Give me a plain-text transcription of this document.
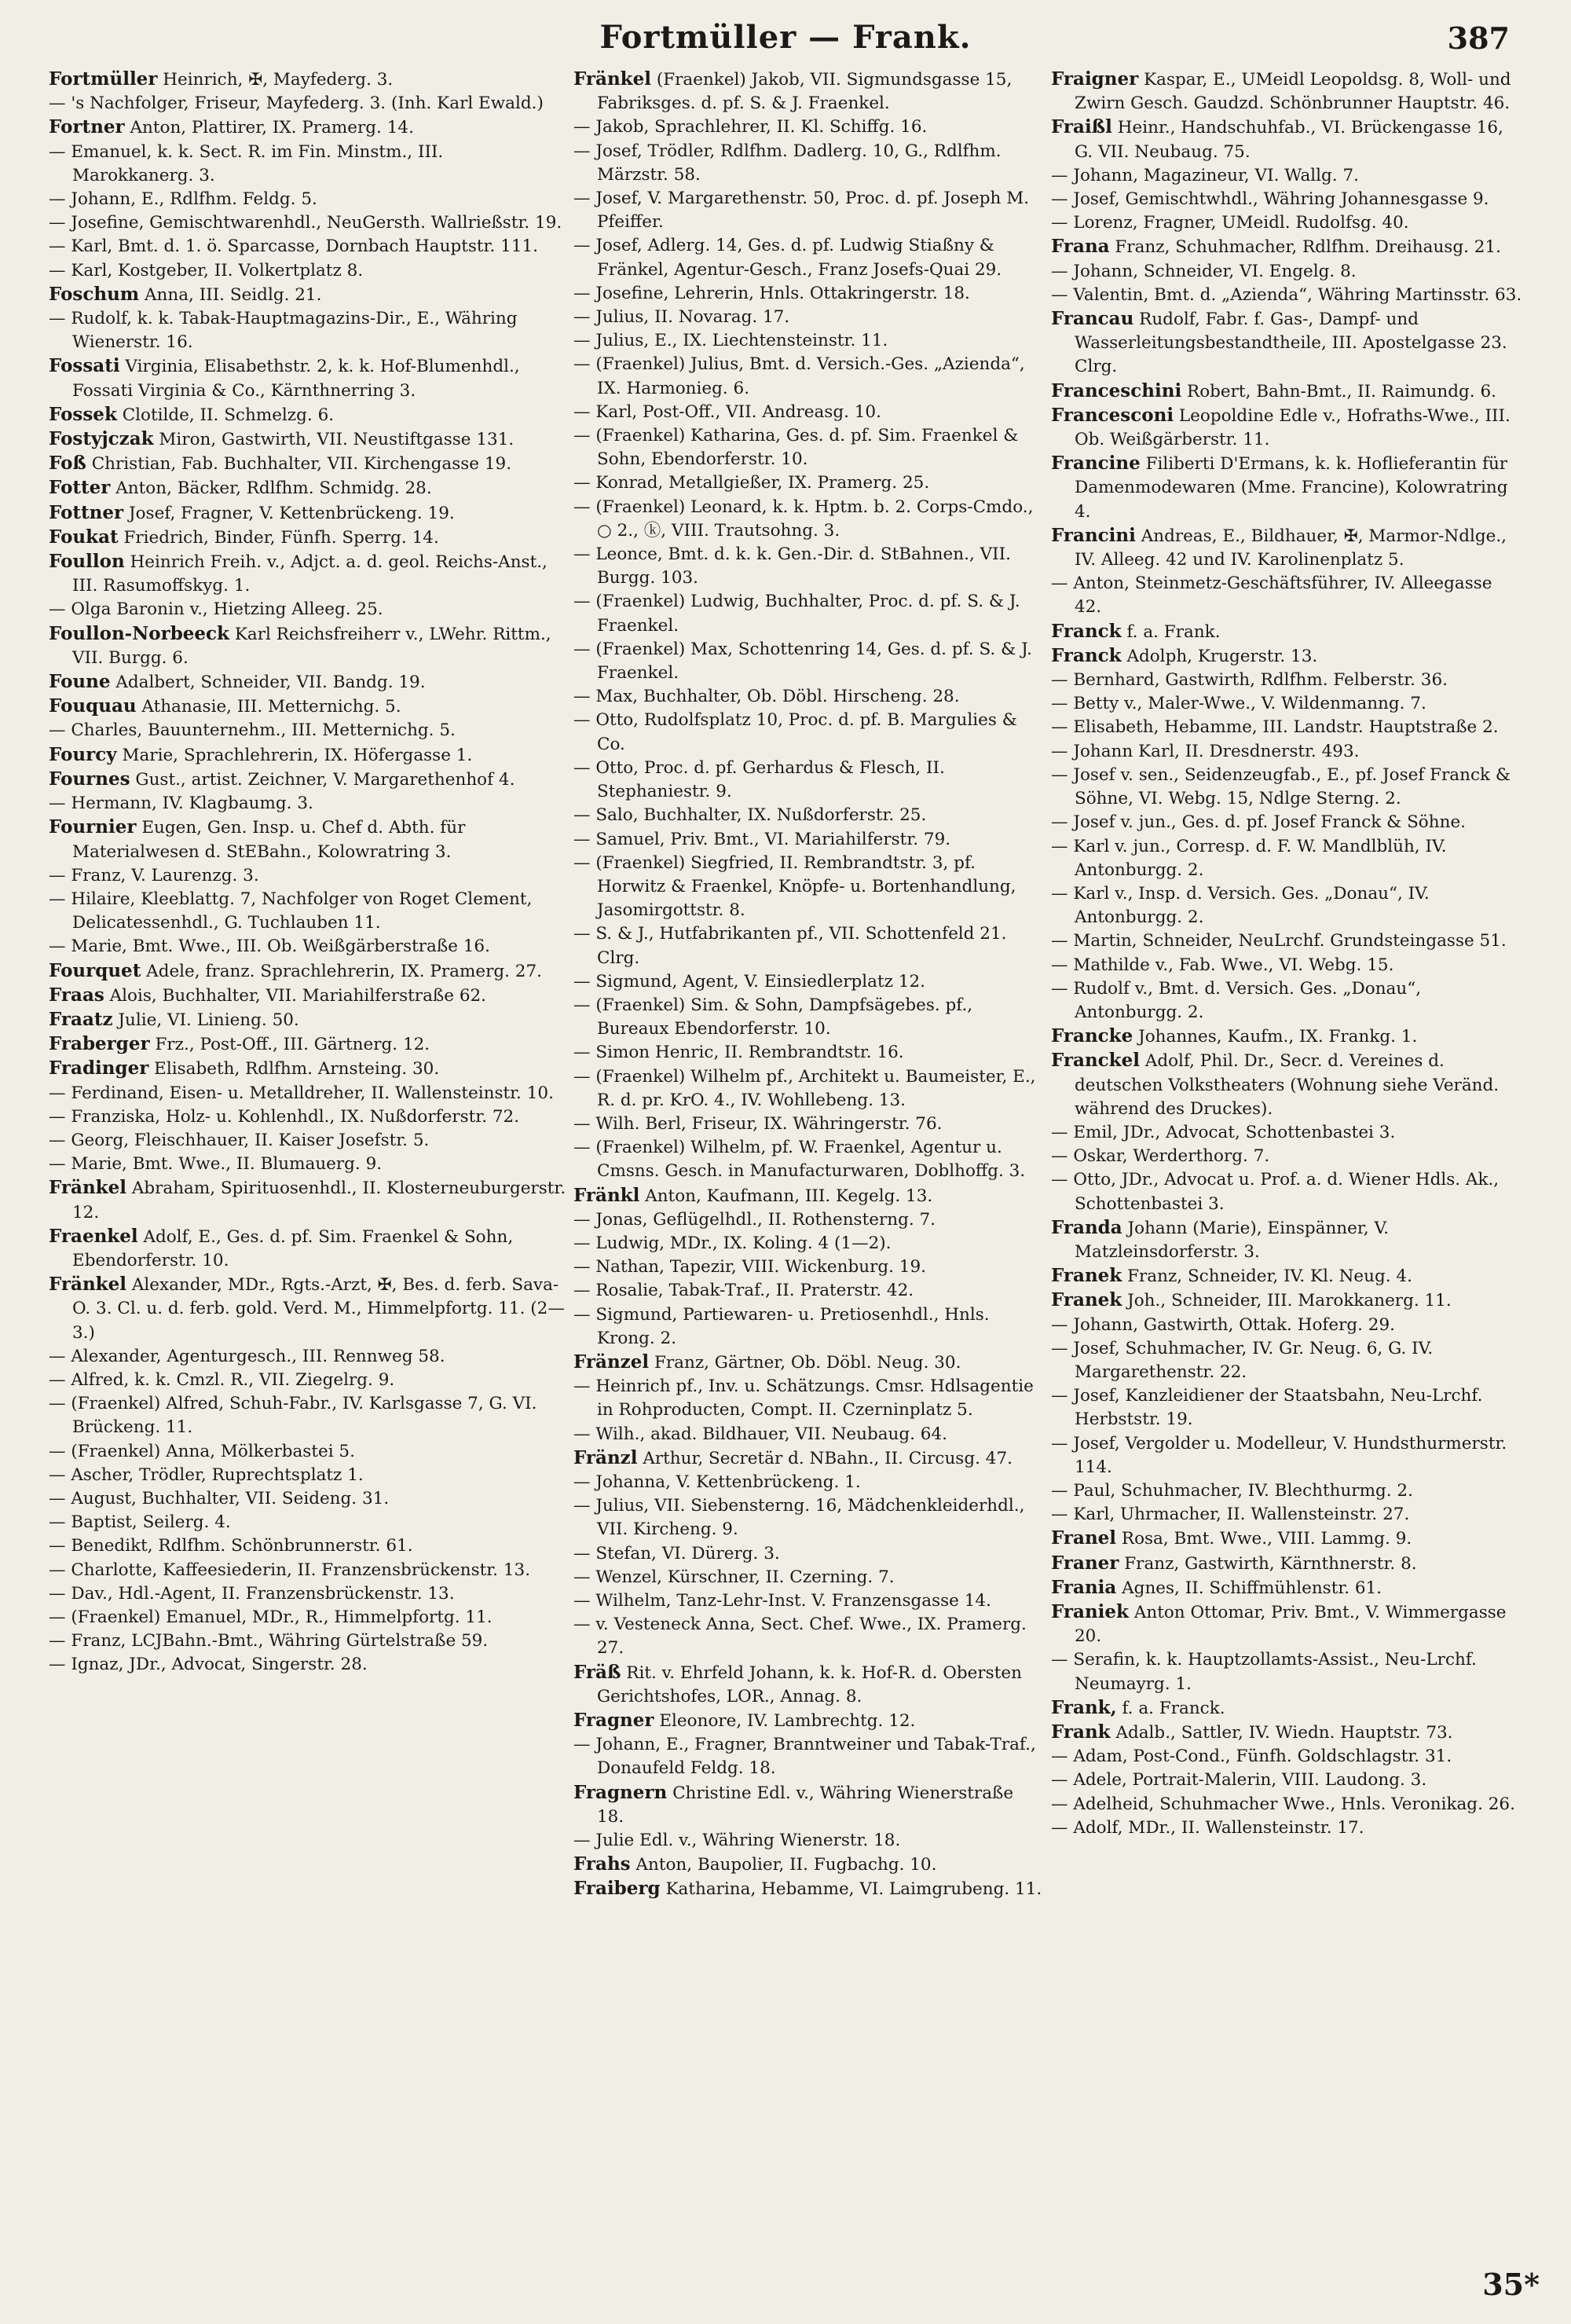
Fortmüller — Frank.	387

Fortmüller Heinrich, ✠, Mayfederg. 3.

— 's Nachfolger, Friseur, Mayfederg. 3. (Inh. Karl Ewald.)

Fortner Anton, Plattirer, IX. Pramerg. 14.

— Emanuel, k. k. Sect. R. im Fin. Minstm., III. Marokkanerg. 3.

— Johann, E., Rdlfhm. Feldg. 5.

— Josefine, Gemischtwarenhdl., NeuGersth. Wallrießstr. 19.

— Karl, Bmt. d. 1. ö. Sparcasse, Dornbach Hauptstr. 111.

— Karl, Kostgeber, II. Volkertplatz 8.

Foschum Anna, III. Seidlg. 21.

— Rudolf, k. k. Tabak-Hauptmagazins-Dir., E., Währing Wienerstr. 16.

Fossati Virginia, Elisabethstr. 2, k. k. Hof-Blumenhdl., Fossati Virginia & Co., Kärnthnerring 3.

Fossek Clotilde, II. Schmelzg. 6.

Fostyjczak Miron, Gastwirth, VII. Neustiftgasse 131.

Foß Christian, Fab. Buchhalter, VII. Kirchengasse 19.

Fotter Anton, Bäcker, Rdlfhm. Schmidg. 28.

Fottner Josef, Fragner, V. Kettenbrückeng. 19.

Foukat Friedrich, Binder, Fünfh. Sperrg. 14.

Foullon Heinrich Freih. v., Adjct. a. d. geol. Reichs-Anst., III. Rasumoffskyg. 1.

— Olga Baronin v., Hietzing Alleeg. 25.

Foullon-Norbeeck Karl Reichsfreiherr v., LWehr. Rittm., VII. Burgg. 6.

Foune Adalbert, Schneider, VII. Bandg. 19.

Fouquau Athanasie, III. Metternichg. 5.

— Charles, Bauunternehm., III. Metternichg. 5.

Fourcy Marie, Sprachlehrerin, IX. Höfergasse 1.

Fournes Gust., artist. Zeichner, V. Margarethenhof 4.

— Hermann, IV. Klagbaumg. 3.

Fournier Eugen, Gen. Insp. u. Chef d. Abth. für Materialwesen d. StEBahn., Kolowratring 3.

— Franz, V. Laurenzg. 3.

— Hilaire, Kleeblattg. 7, Nachfolger von Roget Clement, Delicatessenhdl., G. Tuchlauben 11.

— Marie, Bmt. Wwe., III. Ob. Weißgärberstraße 16.

Fourquet Adele, franz. Sprachlehrerin, IX. Pramerg. 27.

Fraas Alois, Buchhalter, VII. Mariahilferstraße 62.

Fraatz Julie, VI. Linieng. 50.

Fraberger Frz., Post-Off., III. Gärtnerg. 12.

Fradinger Elisabeth, Rdlfhm. Arnsteing. 30.

— Ferdinand, Eisen- u. Metalldreher, II. Wallensteinstr. 10.

— Franziska, Holz- u. Kohlenhdl., IX. Nußdorferstr. 72.

— Georg, Fleischhauer, II. Kaiser Josefstr. 5.

— Marie, Bmt. Wwe., II. Blumauerg. 9.

Fränkel Abraham, Spirituosenhdl., II. Klosterneuburgerstr. 12.

Fraenkel Adolf, E., Ges. d. pf. Sim. Fraenkel & Sohn, Ebendorferstr. 10.

Fränkel Alexander, MDr., Rgts.-Arzt, ✠, Bes. d. ferb. Sava-O. 3. Cl. u. d. ferb. gold. Verd. M., Himmelpfortg. 11. (2—3.)

— Alexander, Agenturgesch., III. Rennweg 58.

— Alfred, k. k. Cmzl. R., VII. Ziegelrg. 9.

— (Fraenkel) Alfred, Schuh-Fabr., IV. Karlsgasse 7, G. VI. Brückeng. 11.

— (Fraenkel) Anna, Mölkerbastei 5.

— Ascher, Trödler, Ruprechtsplatz 1.

— August, Buchhalter, VII. Seideng. 31.

— Baptist, Seilerg. 4.

— Benedikt, Rdlfhm. Schönbrunnerstr. 61.

— Charlotte, Kaffeesiederin, II. Franzensbrückenstr. 13.

— Dav., Hdl.-Agent, II. Franzensbrückenstr. 13.

— (Fraenkel) Emanuel, MDr., R., Himmelpfortg. 11.

— Franz, LCJBahn.-Bmt., Währing Gürtelstraße 59.

— Ignaz, JDr., Advocat, Singerstr. 28.

Fränkel (Fraenkel) Jakob, VII. Sigmundsgasse 15, Fabriksges. d. pf. S. & J. Fraenkel.

— Jakob, Sprachlehrer, II. Kl. Schiffg. 16.

— Josef, Trödler, Rdlfhm. Dadlerg. 10, G., Rdlfhm. Märzstr. 58.

— Josef, V. Margarethenstr. 50, Proc. d. pf. Joseph M. Pfeiffer.

— Josef, Adlerg. 14, Ges. d. pf. Ludwig Stiaßny & Fränkel, Agentur-Gesch., Franz Josefs-Quai 29.

— Josefine, Lehrerin, Hnls. Ottakringerstr. 18.

— Julius, II. Novarag. 17.

— Julius, E., IX. Liechtensteinstr. 11.

— (Fraenkel) Julius, Bmt. d. Versich.-Ges. „Azienda“, IX. Harmonieg. 6.

— Karl, Post-Off., VII. Andreasg. 10.

— (Fraenkel) Katharina, Ges. d. pf. Sim. Fraenkel & Sohn, Ebendorferstr. 10.

— Konrad, Metallgießer, IX. Pramerg. 25.

— (Fraenkel) Leonard, k. k. Hptm. b. 2. Corps-Cmdo., ○ 2., ⓚ, VIII. Trautsohng. 3.

— Leonce, Bmt. d. k. k. Gen.-Dir. d. StBahnen., VII. Burgg. 103.

— (Fraenkel) Ludwig, Buchhalter, Proc. d. pf. S. & J. Fraenkel.

— (Fraenkel) Max, Schottenring 14, Ges. d. pf. S. & J. Fraenkel.

— Max, Buchhalter, Ob. Döbl. Hirscheng. 28.

— Otto, Rudolfsplatz 10, Proc. d. pf. B. Margulies & Co.

— Otto, Proc. d. pf. Gerhardus & Flesch, II. Stephaniestr. 9.

— Salo, Buchhalter, IX. Nußdorferstr. 25.

— Samuel, Priv. Bmt., VI. Mariahilferstr. 79.

— (Fraenkel) Siegfried, II. Rembrandtstr. 3, pf. Horwitz & Fraenkel, Knöpfe- u. Bortenhandlung, Jasomirgottstr. 8.

— S. & J., Hutfabrikanten pf., VII. Schottenfeld 21. Clrg.

— Sigmund, Agent, V. Einsiedlerplatz 12.

— (Fraenkel) Sim. & Sohn, Dampfsägebes. pf., Bureaux Ebendorferstr. 10.

— Simon Henric, II. Rembrandtstr. 16.

— (Fraenkel) Wilhelm pf., Architekt u. Baumeister, E., R. d. pr. KrO. 4., IV. Wohllebeng. 13.

— Wilh. Berl, Friseur, IX. Währingerstr. 76.

— (Fraenkel) Wilhelm, pf. W. Fraenkel, Agentur u. Cmsns. Gesch. in Manufacturwaren, Doblhoffg. 3.

Fränkl Anton, Kaufmann, III. Kegelg. 13.

— Jonas, Geflügelhdl., II. Rothensterng. 7.

— Ludwig, MDr., IX. Koling. 4 (1—2).

— Nathan, Tapezir, VIII. Wickenburg. 19.

— Rosalie, Tabak-Traf., II. Praterstr. 42.

— Sigmund, Partiewaren- u. Pretiosenhdl., Hnls. Krong. 2.

Fränzel Franz, Gärtner, Ob. Döbl. Neug. 30.

— Heinrich pf., Inv. u. Schätzungs. Cmsr. Hdlsagentie in Rohproducten, Compt. II. Czerninplatz 5.

— Wilh., akad. Bildhauer, VII. Neubaug. 64.

Fränzl Arthur, Secretär d. NBahn., II. Circusg. 47.

— Johanna, V. Kettenbrückeng. 1.

— Julius, VII. Siebensterng. 16, Mädchenkleiderhdl., VII. Kircheng. 9.

— Stefan, VI. Dürerg. 3.

— Wenzel, Kürschner, II. Czerning. 7.

— Wilhelm, Tanz-Lehr-Inst. V. Franzensgasse 14.

— v. Vesteneck Anna, Sect. Chef. Wwe., IX. Pramerg. 27.

Fräß Rit. v. Ehrfeld Johann, k. k. Hof-R. d. Obersten Gerichtshofes, LOR., Annag. 8.

Fragner Eleonore, IV. Lambrechtg. 12.

— Johann, E., Fragner, Branntweiner und Tabak-Traf., Donaufeld Feldg. 18.

Fragnern Christine Edl. v., Währing Wienerstraße 18.

— Julie Edl. v., Währing Wienerstr. 18.

Frahs Anton, Baupolier, II. Fugbachg. 10.

Fraiberg Katharina, Hebamme, VI. Laimgrubeng. 11.

Fraigner Kaspar, E., UMeidl Leopoldsg. 8, Woll- und Zwirn Gesch. Gaudzd. Schönbrunner Hauptstr. 46.

Fraißl Heinr., Handschuhfab., VI. Brückengasse 16, G. VII. Neubaug. 75.

— Johann, Magazineur, VI. Wallg. 7.

— Josef, Gemischtwhdl., Währing Johannesgasse 9.

— Lorenz, Fragner, UMeidl. Rudolfsg. 40.

Frana Franz, Schuhmacher, Rdlfhm. Dreihausg. 21.

— Johann, Schneider, VI. Engelg. 8.

— Valentin, Bmt. d. „Azienda“, Währing Martinsstr. 63.

Francau Rudolf, Fabr. f. Gas-, Dampf- und Wasserleitungsbestandtheile, III. Apostelgasse 23. Clrg.

Franceschini Robert, Bahn-Bmt., II. Raimundg. 6.

Francesconi Leopoldine Edle v., Hofraths-Wwe., III. Ob. Weißgärberstr. 11.

Francine Filiberti D'Ermans, k. k. Hoflieferantin für Damenmodewaren (Mme. Francine), Kolowratring 4.

Francini Andreas, E., Bildhauer, ✠, Marmor-Ndlge., IV. Alleeg. 42 und IV. Karolinenplatz 5.

— Anton, Steinmetz-Geschäftsführer, IV. Alleegasse 42.

Franck f. a. Frank.

Franck Adolph, Krugerstr. 13.

— Bernhard, Gastwirth, Rdlfhm. Felberstr. 36.

— Betty v., Maler-Wwe., V. Wildenmanng. 7.

— Elisabeth, Hebamme, III. Landstr. Hauptstraße 2.

— Johann Karl, II. Dresdnerstr. 493.

— Josef v. sen., Seidenzeugfab., E., pf. Josef Franck & Söhne, VI. Webg. 15, Ndlge Sterng. 2.

— Josef v. jun., Ges. d. pf. Josef Franck & Söhne.

— Karl v. jun., Corresp. d. F. W. Mandlblüh, IV. Antonburgg. 2.

— Karl v., Insp. d. Versich. Ges. „Donau“, IV. Antonburgg. 2.

— Martin, Schneider, NeuLrchf. Grundsteingasse 51.

— Mathilde v., Fab. Wwe., VI. Webg. 15.

— Rudolf v., Bmt. d. Versich. Ges. „Donau“, Antonburgg. 2.

Francke Johannes, Kaufm., IX. Frankg. 1.

Franckel Adolf, Phil. Dr., Secr. d. Vereines d. deutschen Volkstheaters (Wohnung siehe Veränd. während des Druckes).

— Emil, JDr., Advocat, Schottenbastei 3.

— Oskar, Werderthorg. 7.

— Otto, JDr., Advocat u. Prof. a. d. Wiener Hdls. Ak., Schottenbastei 3.

Franda Johann (Marie), Einspänner, V. Matzleinsdorferstr. 3.

Franek Franz, Schneider, IV. Kl. Neug. 4.

Franek Joh., Schneider, III. Marokkanerg. 11.

— Johann, Gastwirth, Ottak. Hoferg. 29.

— Josef, Schuhmacher, IV. Gr. Neug. 6, G. IV. Margarethenstr. 22.

— Josef, Kanzleidiener der Staatsbahn, Neu-Lrchf. Herbststr. 19.

— Josef, Vergolder u. Modelleur, V. Hundsthurmerstr. 114.

— Paul, Schuhmacher, IV. Blechthurmg. 2.

— Karl, Uhrmacher, II. Wallensteinstr. 27.

Franel Rosa, Bmt. Wwe., VIII. Lammg. 9.

Franer Franz, Gastwirth, Kärnthnerstr. 8.

Frania Agnes, II. Schiffmühlenstr. 61.

Franiek Anton Ottomar, Priv. Bmt., V. Wimmergasse 20.

— Serafin, k. k. Hauptzollamts-Assist., Neu-Lrchf. Neumayrg. 1.

Frank, f. a. Franck.

Frank Adalb., Sattler, IV. Wiedn. Hauptstr. 73.

— Adam, Post-Cond., Fünfh. Goldschlagstr. 31.

— Adele, Portrait-Malerin, VIII. Laudong. 3.

— Adelheid, Schuhmacher Wwe., Hnls. Veronikag. 26.

— Adolf, MDr., II. Wallensteinstr. 17.

35*
